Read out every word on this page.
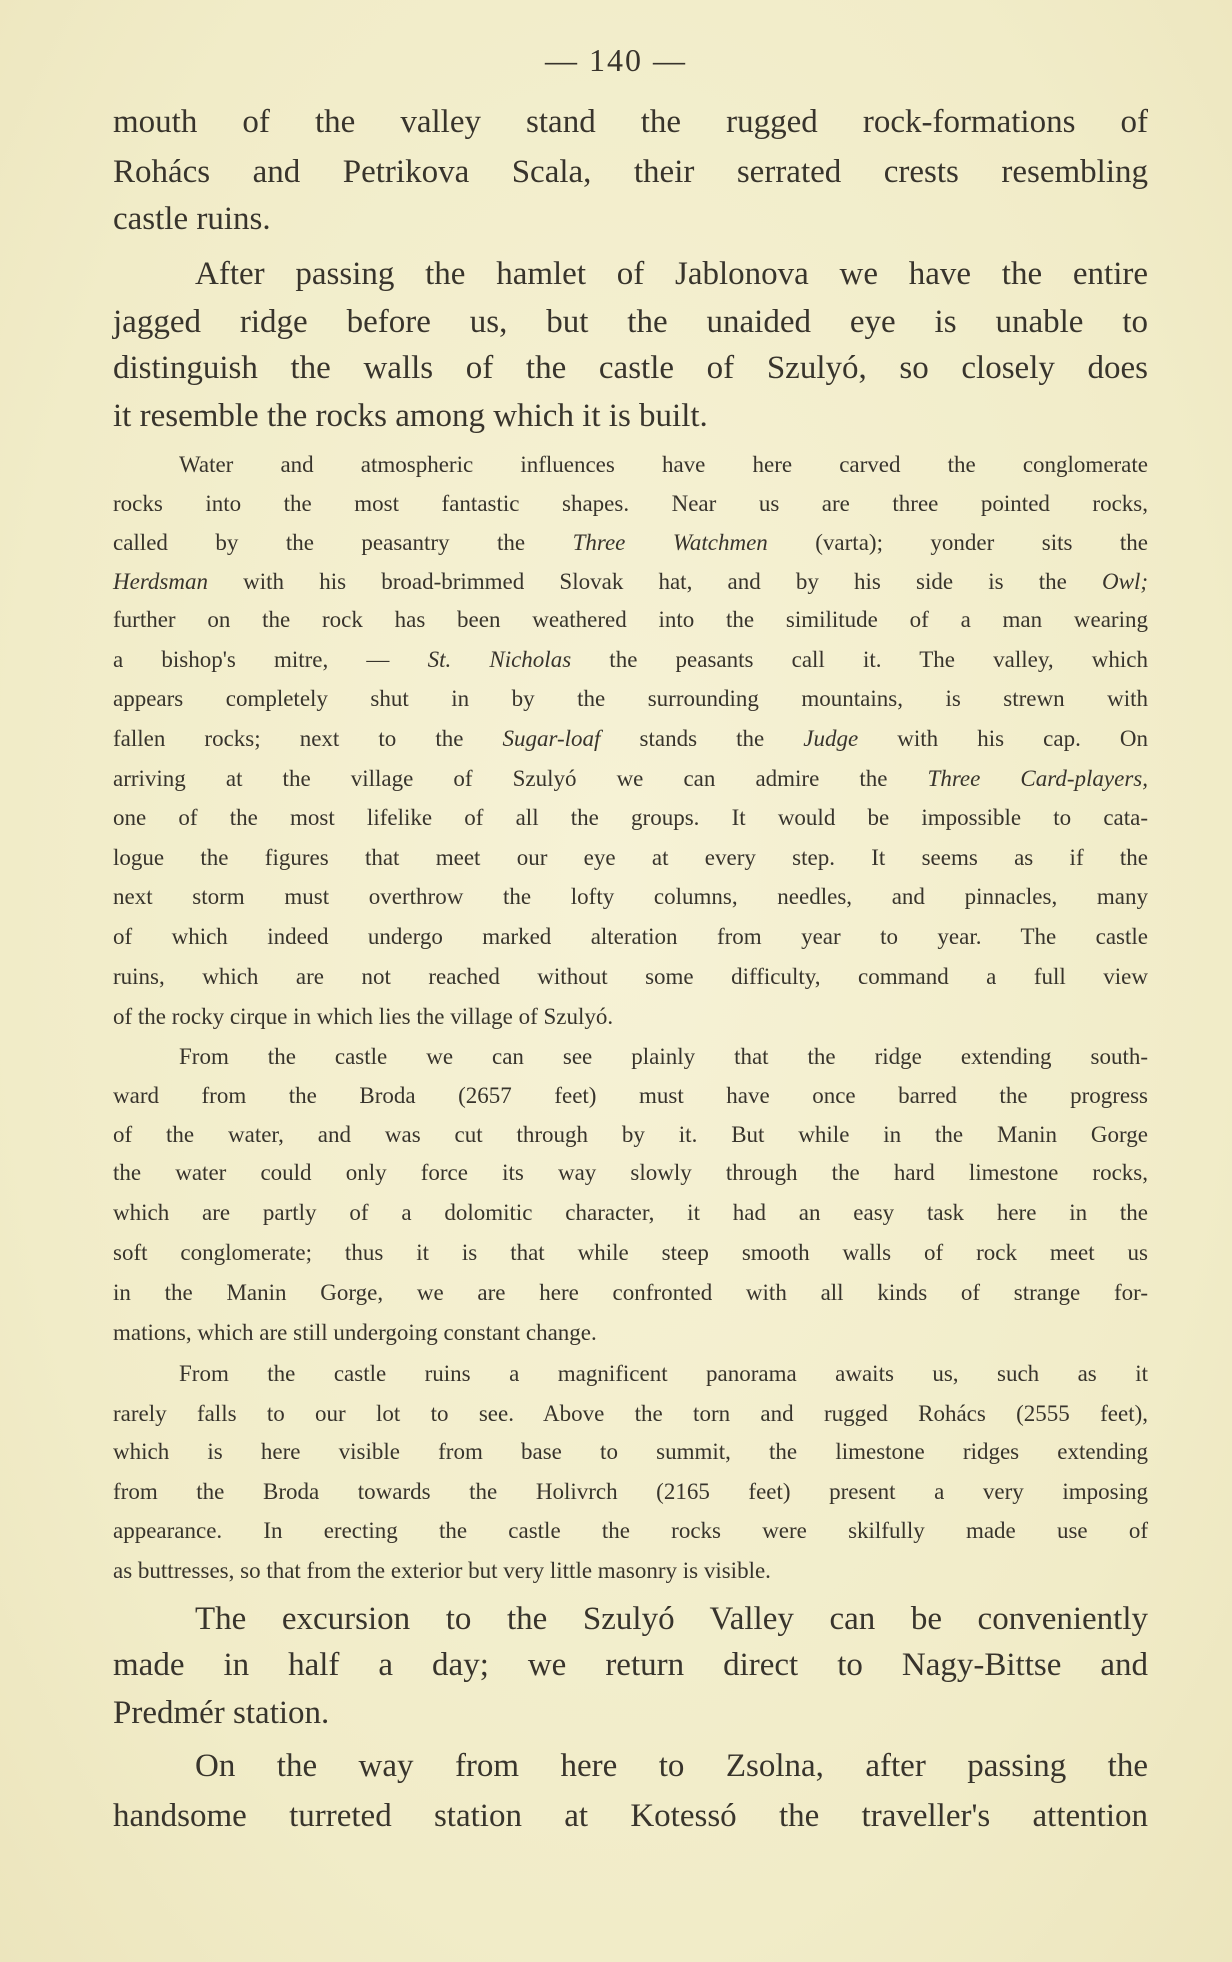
— 140 —
mouth of the valley stand the rugged rock-formations of
Rohács and Petrikova Scala, their serrated crests resembling
castle ruins.
After passing the hamlet of Jablonova we have the entire
jagged ridge before us, but the unaided eye is unable to
distinguish the walls of the castle of Szulyó, so closely does
it resemble the rocks among which it is built.
Water and atmospheric influences have here carved the conglomerate
rocks into the most fantastic shapes. Near us are three pointed rocks,
called by the peasantry the Three Watchmen (varta); yonder sits the
Herdsman with his broad-brimmed Slovak hat, and by his side is the Owl;
further on the rock has been weathered into the similitude of a man wearing
a bishop's mitre, — St. Nicholas the peasants call it. The valley, which
appears completely shut in by the surrounding mountains, is strewn with
fallen rocks; next to the Sugar-loaf stands the Judge with his cap. On
arriving at the village of Szulyó we can admire the Three Card-players,
one of the most lifelike of all the groups. It would be impossible to cata-
logue the figures that meet our eye at every step. It seems as if the
next storm must overthrow the lofty columns, needles, and pinnacles, many
of which indeed undergo marked alteration from year to year. The castle
ruins, which are not reached without some difficulty, command a full view
of the rocky cirque in which lies the village of Szulyó.
From the castle we can see plainly that the ridge extending south-
ward from the Broda (2657 feet) must have once barred the progress
of the water, and was cut through by it. But while in the Manin Gorge
the water could only force its way slowly through the hard limestone rocks,
which are partly of a dolomitic character, it had an easy task here in the
soft conglomerate; thus it is that while steep smooth walls of rock meet us
in the Manin Gorge, we are here confronted with all kinds of strange for-
mations, which are still undergoing constant change.
From the castle ruins a magnificent panorama awaits us, such as it
rarely falls to our lot to see. Above the torn and rugged Rohács (2555 feet),
which is here visible from base to summit, the limestone ridges extending
from the Broda towards the Holivrch (2165 feet) present a very imposing
appearance. In erecting the castle the rocks were skilfully made use of
as buttresses, so that from the exterior but very little masonry is visible.
The excursion to the Szulyó Valley can be conveniently
made in half a day; we return direct to Nagy-Bittse and
Predmér station.
On the way from here to Zsolna, after passing the
handsome turreted station at Kotessó the traveller's attention
